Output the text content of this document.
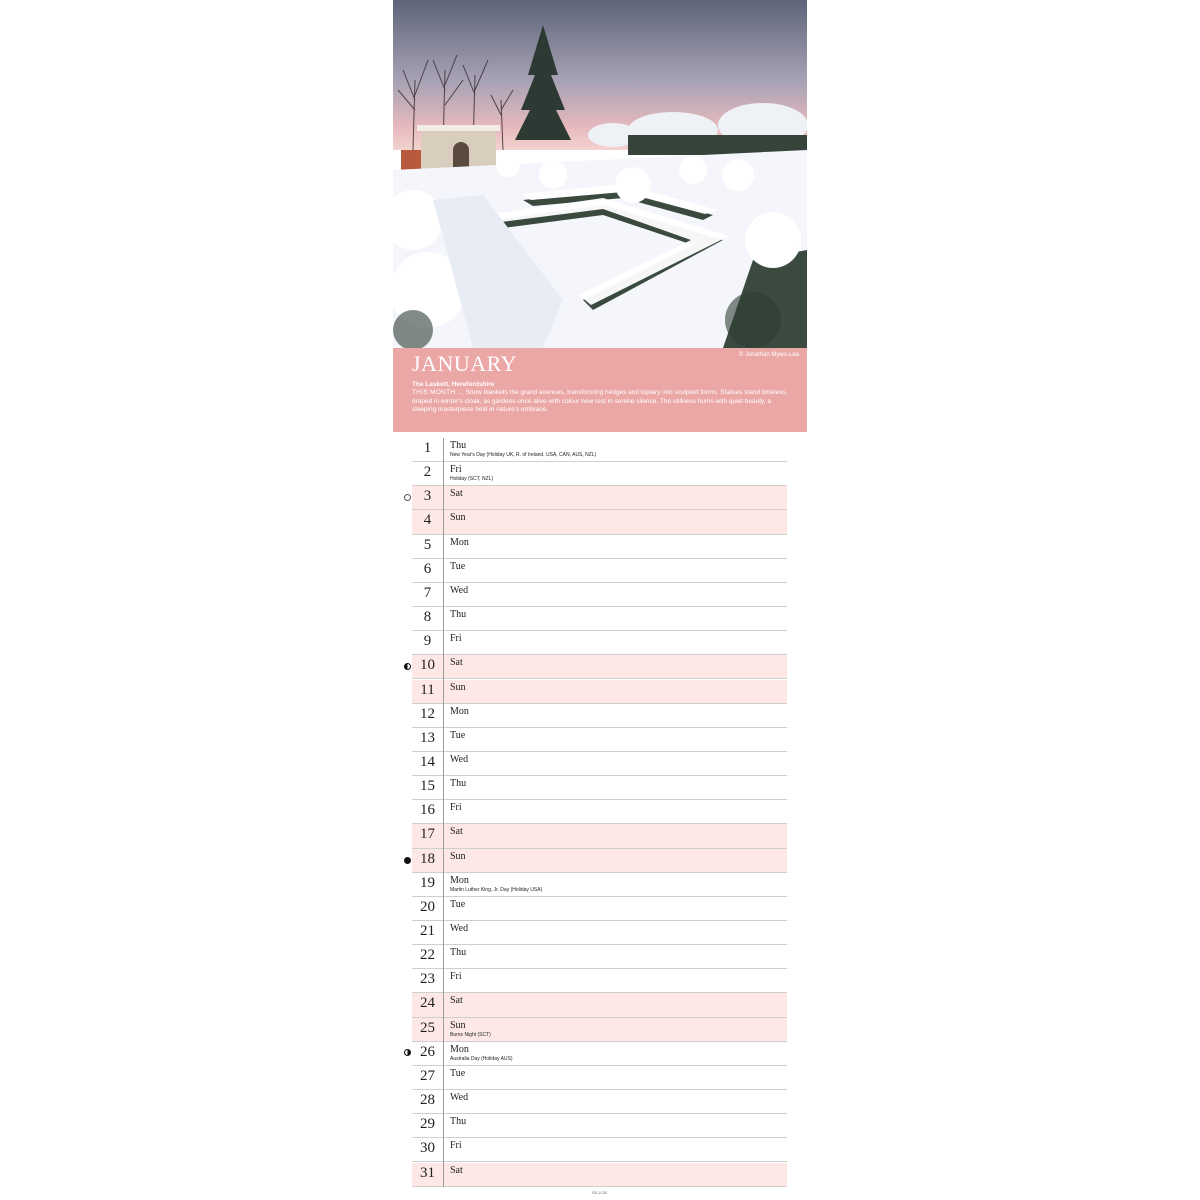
JANUARY	© Jonathan Myles-Lea
The Laskett, Herefordshire
THIS MONTH … Snow blankets the grand avenues, transforming hedges and topiary into sculpted forms. Statues stand timeless, draped in winter's cloak, as gardens once alive with colour now rest in serene silence. The stillness hums with quiet beauty, a sleeping masterpiece held in nature's embrace.
1	Thu
New Year's Day (Holiday UK, R. of Ireland, USA, CAN, AUS, NZL)
2	Fri
Holiday (SCT, NZL)
3	Sat
4	Sun
5	Mon
6	Tue
7	Wed
8	Thu
9	Fri
10	Sat
11	Sun
12	Mon
13	Tue
14	Wed
15	Thu
16	Fri
17	Sat
18	Sun
19	Mon
Martin Luther King, Jr. Day (Holiday USA)
20	Tue
21	Wed
22	Thu
23	Fri
24	Sat
25	Sun
Burns Night (SCT)
26	Mon
Australia Day (Holiday AUS)
27	Tue
28	Wed
29	Thu
30	Fri
31	Sat
SX-2-26
